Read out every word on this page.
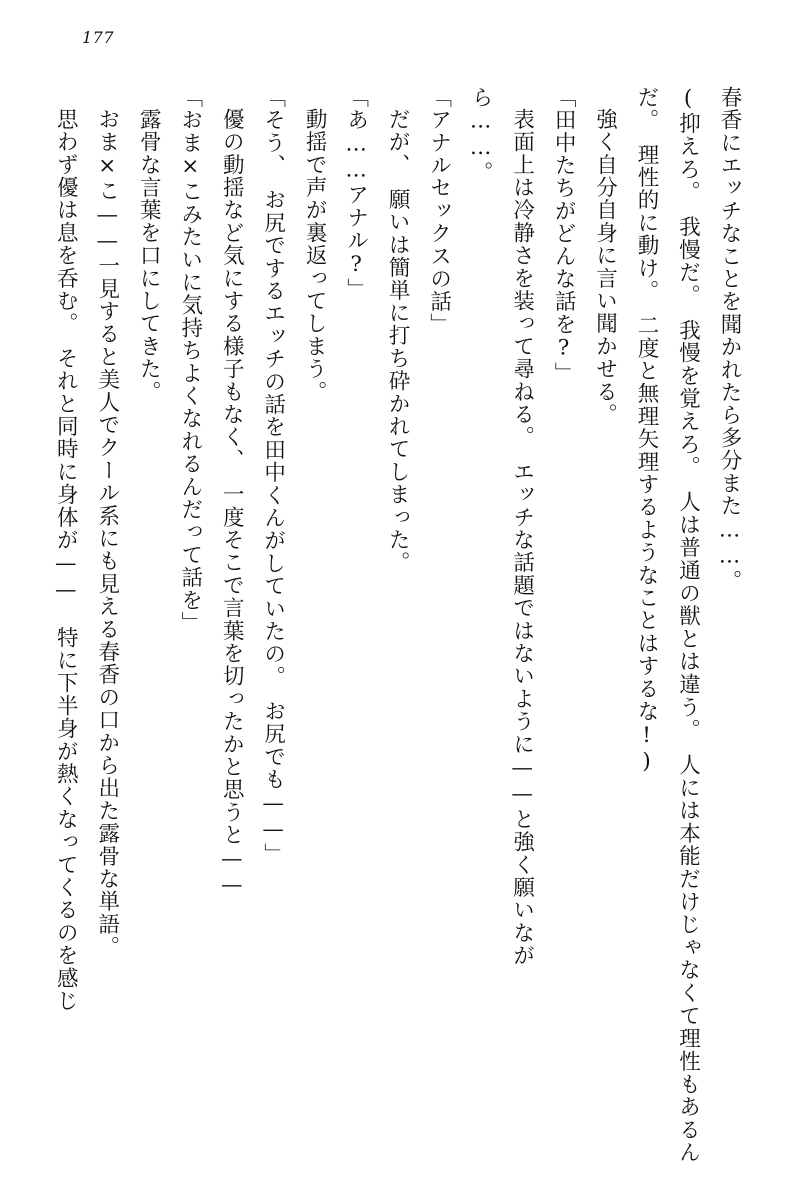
177
春香にエッチなことを聞かれたら多分また……。
(抑えろ。　我慢だ。　我慢を覚えろ。　人は普通の獣とは違う。　人には本能だけじゃなくて理性もあるんだ。　理性的に動け。　二度と無理矢理するようなことはするな!)
強く自分自身に言い聞かせる。
「田中たちがどんな話を?」
表面上は冷静さを装って尋ねる。　エッチな話題ではないように——と強く願いなが
ら……。
「アナルセックスの話」
だが、　願いは簡単に打ち砕かれてしまった。
「あ……アナル?」
動揺で声が裏返ってしまう。
「そう、　お尻でするエッチの話を田中くんがしていたの。　お尻でも——」
優の動揺など気にする様子もなく、　一度そこで言葉を切ったかと思うと——
「おま×こみたいに気持ちよくなれるんだって話を」
露骨な言葉を口にしてきた。
おま×こ——一見すると美人でクール系にも見える春香の口から出た露骨な単語。
思わず優は息を呑む。　それと同時に身体が——　特に下半身が熱くなってくるのを感じ
